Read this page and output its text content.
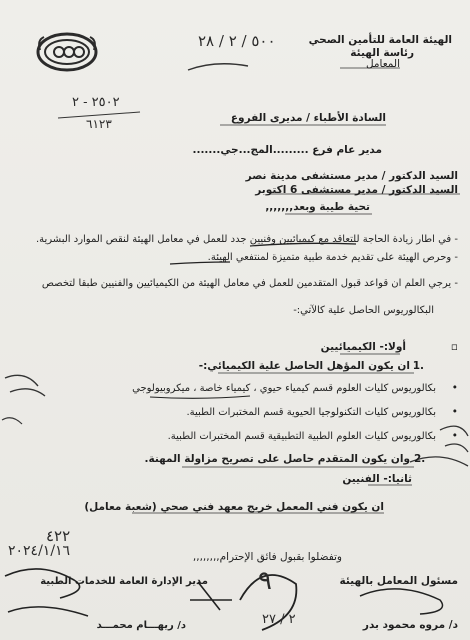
الهيئة العامة للتأمين الصحي
رئاسة الهيئة
المعامل
٥٠٠ / ٢ / ٢٨
السادة الأطباء / مديرى الفروع
مدير عام فرع .........المج...جي.......
السيد الدكتور / مدير مستشفى مدينة نصر
السيد الدكتور / مدير مستشفى 6 اكتوبر
٢٥٠٢ - ٢
٦١٢٣
تحية طيبة وبعد,,,,,,,
- في اطار زيادة الحاجة للتعاقد مع كيميائيين وفنيين جدد للعمل في معامل الهيئة لنقص الموارد البشرية.
- وحرص الهيئة على تقديم خدمة طبية متميزة لمنتفعي الهيئة.
- يرجي العلم ان قواعد قبول المتقدمين للعمل في معامل الهيئة من الكيميائيين والفنيين طبقا لتخصص
البكالوريوس الحاصل علية كالآتي:-
أولا:- الكيميائيين	▫
1.
ان يكون المؤهل الحاصل علية الكيميائي:-
بكالوريوس كليات العلوم قسم كيمياء حيوي ، كيمياء خاصة ، ميكروبيولوجي
بكالوريوس كليات التكنولوجيا الحيوية قسم المختبرات الطبية.
بكالوريوس كليات العلوم الطبية التطبيقية قسم المختبرات الطبية.
•
•
•
2.
وان يكون المتقدم حاصل على تصريح مزاولة المهنة.
ثانيا:- الفنيين
ان يكون فني المعمل خريج معهد فني صحي (شعبة معامل)
وتفضلوا بقبول فائق الإحترام,,,,,,,,
مسئول المعامل بالهيئة
د/ مروه محمود بدر
مدير الإدارة العامة للخدمات الطبية
د/ ريهـــام محمـــد
٤٢٢
٢٠٢٤/١/١٦
٩
٢ / ٢٧
